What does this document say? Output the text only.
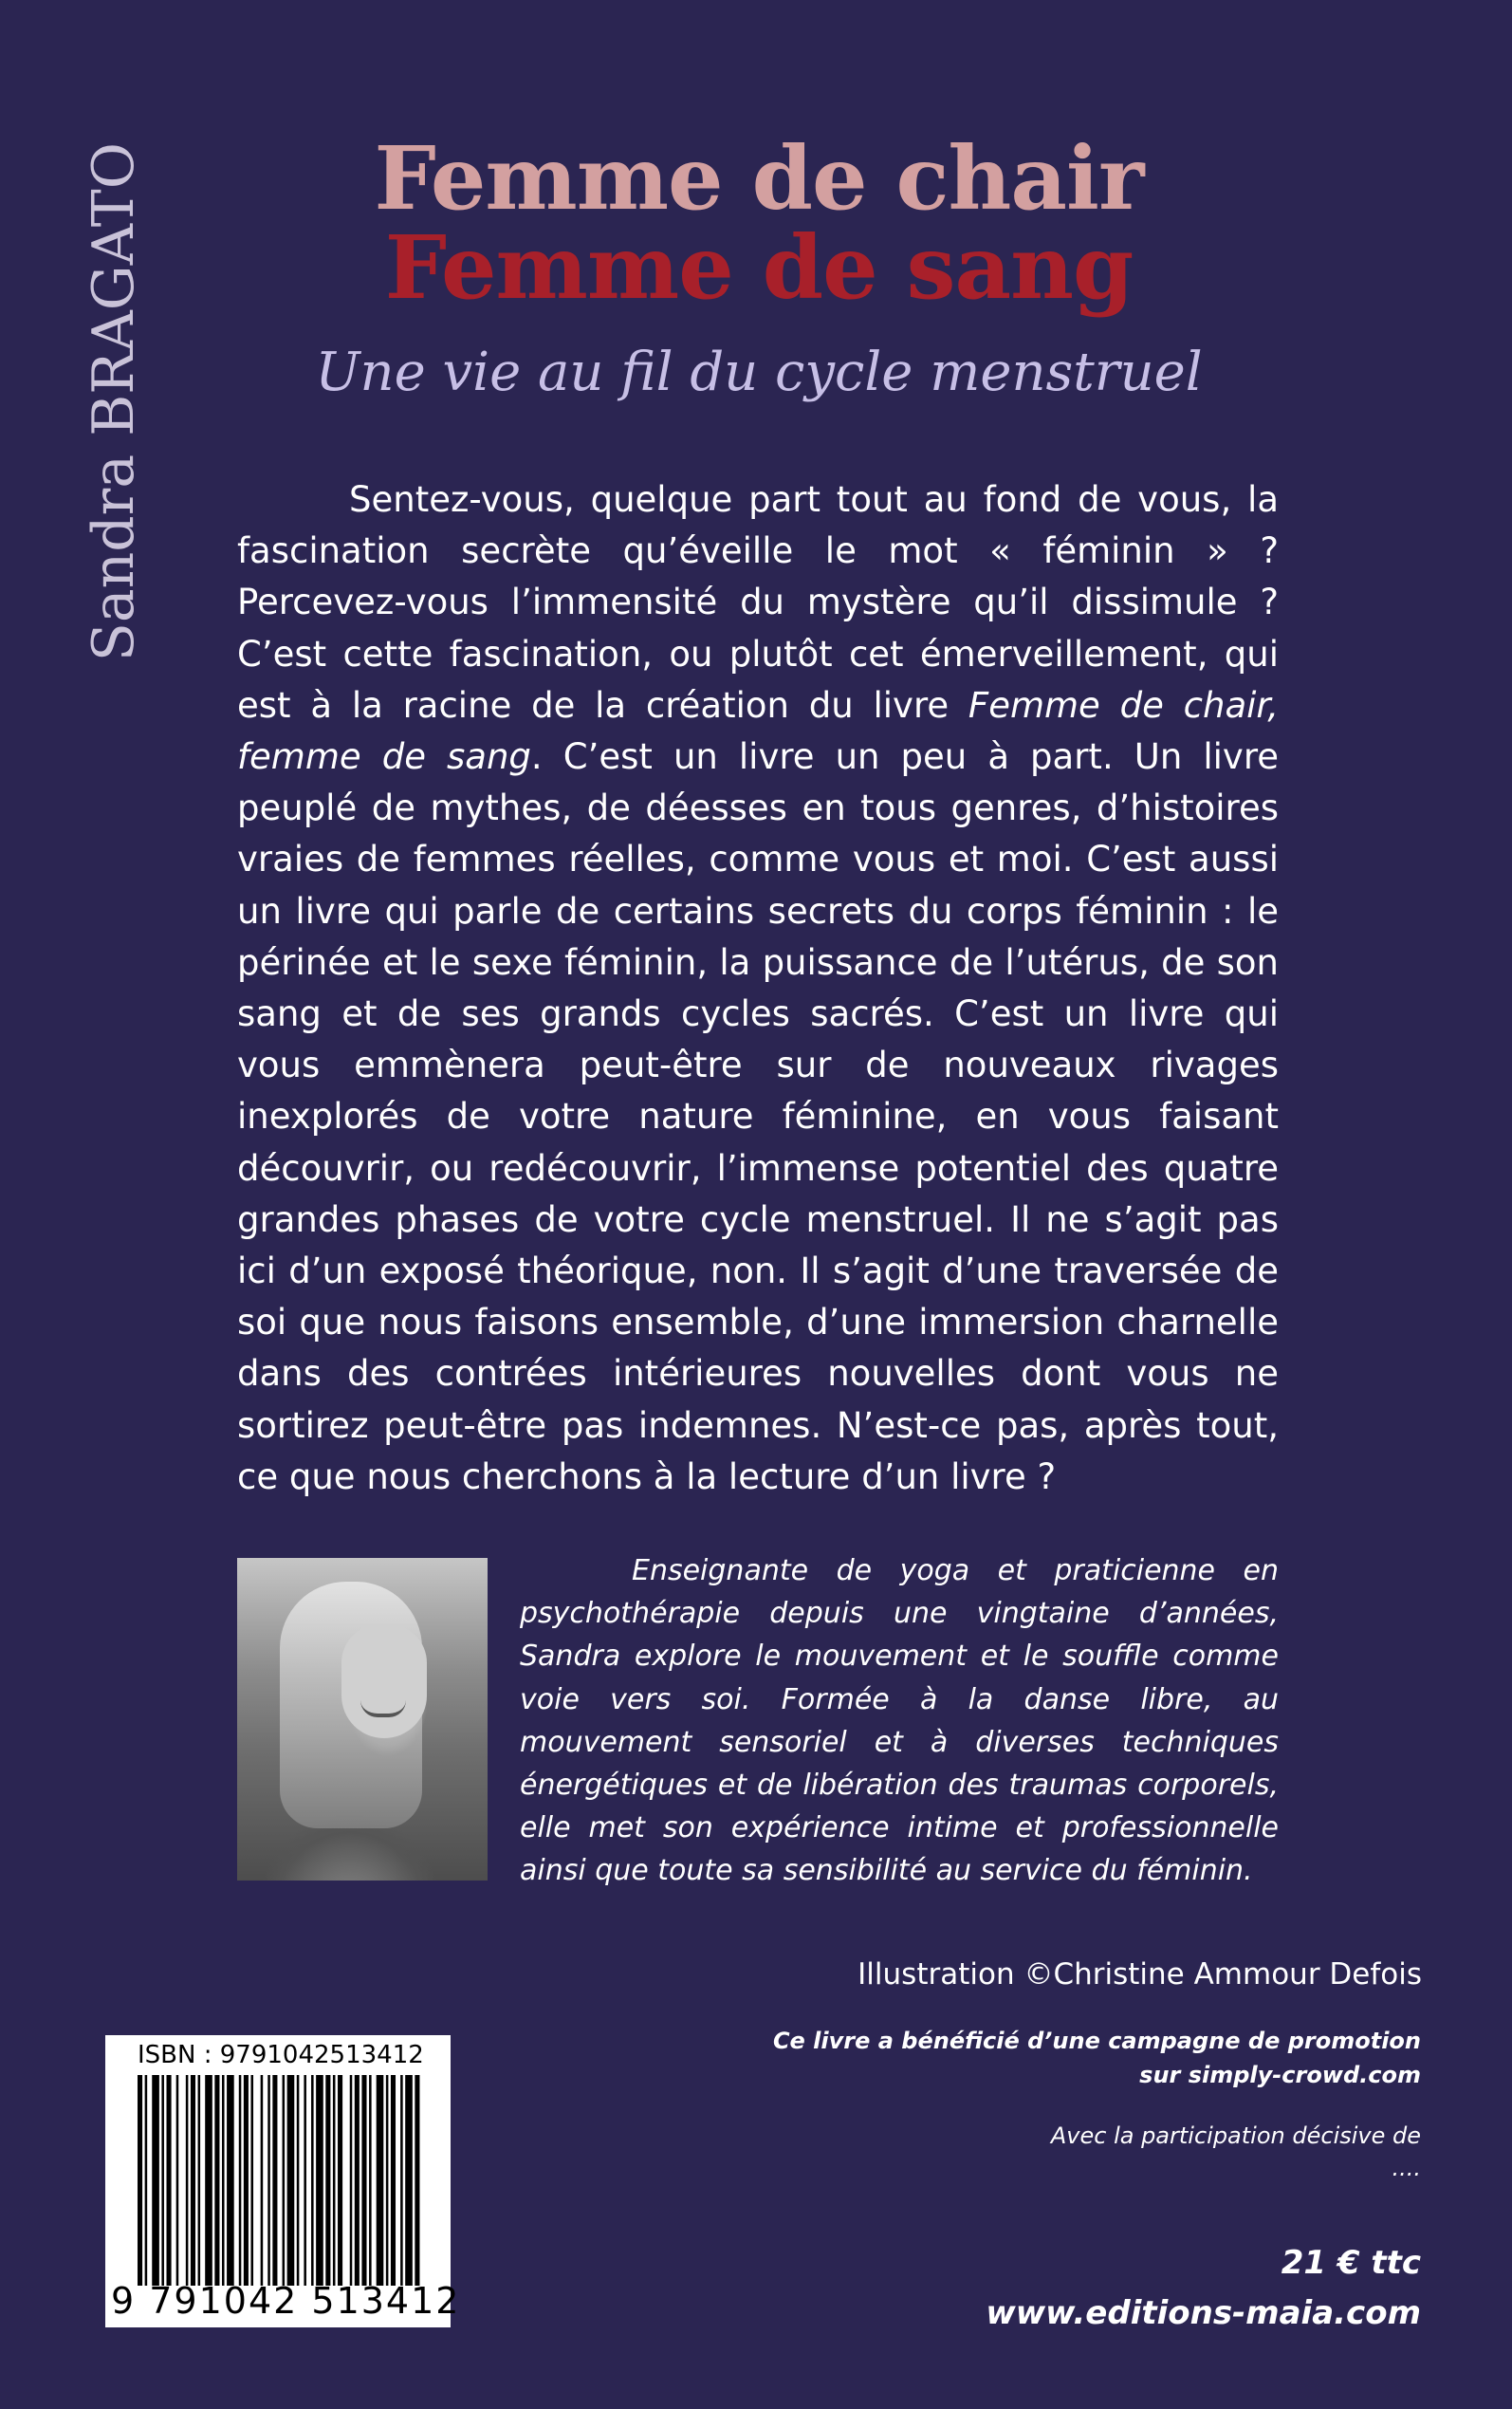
Sandra BRAGATO	Femme de chair
Femme de sang
Une vie au fil du cycle menstruel
Sentez-vous, quelque part tout au fond de vous, la fascination secrète qu’éveille le mot « féminin » ? Percevez-vous l’immensité du mystère qu’il dissimule ? C’est cette fascination, ou plutôt cet émerveillement, qui est à la racine de la création du livre Femme de chair, femme de sang. C’est un livre un peu à part. Un livre peuplé de mythes, de déesses en tous genres, d’histoires vraies de femmes réelles, comme vous et moi. C’est aussi un livre qui parle de certains secrets du corps féminin : le périnée et le sexe féminin, la puissance de l’utérus, de son sang et de ses grands cycles sacrés. C’est un livre qui vous emmènera peut-être sur de nouveaux rivages inexplorés de votre nature féminine, en vous faisant découvrir, ou redécouvrir, l’immense potentiel des quatre grandes phases de votre cycle menstruel. Il ne s’agit pas ici d’un exposé théorique, non. Il s’agit d’une traversée de soi que nous faisons ensemble, d’une immersion charnelle dans des contrées intérieures nouvelles dont vous ne sortirez peut-être pas indemnes. N’est-ce pas, après tout, ce que nous cherchons à la lecture d’un livre ?
Enseignante de yoga et praticienne en psychothérapie depuis une vingtaine d’années, Sandra explore le mouvement et le souffle comme voie vers soi. Formée à la danse libre, au mouvement sensoriel et à diverses techniques énergétiques et de libération des traumas corporels, elle met son expérience intime et professionnelle ainsi que toute sa sensibilité au service du féminin.
Illustration ©Christine Ammour Defois
ISBN : 9791042513412
9 791042 513412
Ce livre a bénéficié d’une campagne de promotion
sur simply-crowd.com
Avec la participation décisive de
....
21 € ttc
www.editions-maia.com
